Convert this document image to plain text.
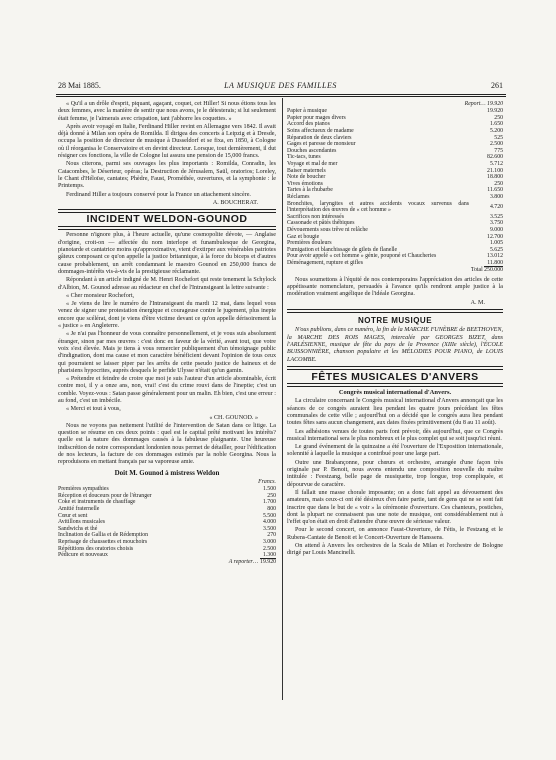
28 Mai 1885.	LA MUSIQUE DES FAMILLES	261

« Qu'il a un drôle d'esprit, piquant, agaçant, coquet, cet Hiller! Si nous étions tous les deux femmes, avec la manière de sentir que nous avons, je le détesterais; si lui seulement était femme, je l'aimerais avec crispation, tant j'abhorre les coquettes. »

Après avoir voyagé en Italie, Ferdinand Hiller revint en Allemagne vers 1842. Il avait déjà donné à Milan son opéra de Romilda. Il dirigea des concerts à Leipzig et à Dresde, occupa la position de directeur de musique à Dusseldorf et se fixa, en 1850, à Cologne où il réorganisa le Conservatoire et en devint directeur. Lorsque, tout dernièrement, il dut résigner ces fonctions, la ville de Cologne lui assura une pension de 15,000 francs.

Nous citerons, parmi ses ouvrages les plus importants : Romilda, Conradin, les Catacombes, le Déserteur, opéras; la Destruction de Jérusalem, Saül, oratorios; Loreley, le Chant d'Héloïse, cantates; Phèdre, Faust, Prométhée, ouvertures, et la symphonie : le Printemps.

Ferdinand Hiller a toujours conservé pour la France un attachement sincère.

A. BOUCHERAT.

INCIDENT WELDON-GOUNOD

Personne n'ignore plus, à l'heure actuelle, qu'une cosmopolite dévote, — Anglaise d'origine, croit-on — affectée du nom interlope et funambulesque de Georgina, pianotarde et cantatrice moins qu'approximative, vient d'extirper aux vénérables patriotes gâteux composant ce qu'on appelle la justice britannique, à la force du biceps et d'autres cause probablement, un arrêt condamnant le maestro Gounod en 250,000 francs de dommages-intérêts vis-à-vis de la prestigieuse réclamante.

Répondant à un article indigné de M. Henri Rochefort qui reste tenement la Schylock d'Albion, M. Gounod adresse au rédacteur en chef de l'Intransigeant la lettre suivante :

« Cher monsieur Rochefort,

« Je viens de lire le numéro de l'Intransigeant du mardi 12 mai, dans lequel vous venez de signer une protestation énergique et courageuse contre le jugement, plus inepte encore que scélérat, dont je viens d'être victime devant ce qu'on appelle dérisoirement la « justice » en Angleterre.

« Je n'ai pas l'honneur de vous connaître personnellement, et je vous suis absolument étranger, sinon par mes œuvres : c'est donc en faveur de la vérité, avant tout, que votre voix s'est élevée. Mais je tiens à vous remercier publiquement d'un témoignage public d'indignation, dont ma cause et mon caractère bénéficient devant l'opinion de tous ceux qui pourraient se laisser piper par les arrêts de cette pseudo justice de haineux et de pharisiens hypocrites, auprès desquels le perfide Ulysse n'était qu'un gamin.

« Prétendre et feindre de croire que moi je suis l'auteur d'un article abominable, écrit contre moi, il y a onze ans, non, vrai! c'est du crime rouvi dans de l'ineptie; c'est un comble. Voyez-vous : Satan passe généralement pour un malin. Eh bien, c'est une erreur : au fond, c'est un imbécile.

« Merci et tout à vous,

« CH. GOUNOD. »

Nous ne voyons pas nettement l'utilité de l'intervention de Satan dans ce litige. La question se résume en ces deux points : quel est le capital prêté motivant les intérêts? quelle est la nature des dommages causés à la fabuleuse plaignante. Une heureuse indiscrétion de notre correspondant londonien nous permet de détailler, pour l'édification de nos lecteurs, la facture de ces dommages estimés par la noble Georgina. Nous la reproduisons en mettant français par sa vaporeuse amie.

Doit M. Gounod à mistress Weldon
Francs.
Premières sympathies	1.500
Réception et douceurs pour de l'étranger	250
Coke et instruments de chauffage	1.700
Amitié fraternelle	800
Cœur et sent	5.500
Avitillons musicales	4.000
Sandwichs et thé	3.500
Inclination de Gallia et de Rédemption	270
Reprisage de chaussettes et mouchoirs	3.000
Répétitions des oratorios choisis	2.500
Pédicure et nouveaux	1.300
A reporter… 19.920
Report… 19.920
Papier à musique	19.920
Papier pour mages divers	250
Accord des pianos	1.650
Soins affectueux de madame	5.200
Réparation de deux claviers	525
Gages et paresse de monsieur	2.500
Douches ascendantes	775
Tic-tacs, tunes	82.600
Voyage et mal de mer	5.712
Baiser maternels	21.100
Note de boucher	18.800
Vives émotions	250
Tartes à la rhubarbe	11.650
Réclames	3.800
Bronchites, laryngites et autres accidents vocaux survenus dans l'interprétation des œuvres de « cet homme »	4.720
Sacrifices non intéressés	3.525
Cassonade et pâtés thébiques	3.750
Dévouements sous trêve ni relâche	9.000
Gaz et bougie	12.700
Premières douleurs	1.005
Fumigation et blanchissage de gilets de flanelle	5.625
Pour avoir appelé « cet homme » génie, pouponé et Chaucheries	13.012
Déménagement, rupture et gifles	11.800
Total 250.000

Nous soumettons à l'équité de nos contemporains l'appréciation des articles de cette appétissante nomenclature, persuadés à l'avance qu'ils rendront ample justice à la modération vraiment angélique de l'idéale Georgina.

A. M.

NOTRE MUSIQUE

N'ous publions, dans ce numéro, la fin de la MARCHE FUNÈBRE de BEETHOVEN, la MARCHE DES ROIS MAGES, intercalée par GEORGES BIZET, dans l'ARLÉSIENNE, musique de fête du pays de la Provence (XIIIe siècle), l'ÉCOLE BUISSONNIÈRE, chanson populaire et les MÉLODIES POUR PIANO, de LOUIS LACOMBE.

FÊTES MUSICALES D'ANVERS
Congrès musical international d'Anvers.

La circulaire concernant le Congrès musical international d'Anvers annonçait que les séances de ce congrès auraient lieu pendant les quatre jours précédant les fêtes communales de cette ville ; aujourd'hui on a décidé que le congrès aura lieu pendant toutes fêtes sans aucun changement, aux dates fixées primitivement (du 8 au 11 août).

Les adhésions venues de toutes parts font prévoir, dès aujourd'hui, que ce Congrès musical international sera le plus nombreux et le plus complet qui se soit jusqu'ici réuni.

Le grand événement de la quinzaine a été l'ouverture de l'Exposition internationale, solennité à laquelle la musique a contribué pour une large part.

Outre une Brabançonne, pour chœurs et orchestre, arrangée d'une façon très originale par P. Benoit, nous avons entendu une composition nouvelle du maître intitulée : Feestzang, belle page de musiquette, trop longue, trop compliquée, et dépourvue de caractère.

Il fallait une masse chorale imposante; on a donc fait appel au dévouement des amateurs, mais ceux-ci ont été désireux d'en faire partie, tant de gens qui ne se sont fait inscrire que dans le but de « voir » la cérémonie d'ouverture. Ces chanteurs, postiches, dont la plupart ne connaissent pas une note de musique, ont considérablement nui à l'effet qu'on était en droit d'attendre d'une œuvre de sérieuse valeur.

Pour le second concert, on annonce Faust-Ouverture, de Fétis, le Festzang et le Rubens-Cantate de Benoit et le Concert-Ouverture de Hanssens.

On attend à Anvers les orchestres de la Scala de Milan et l'orchestre de Bologne dirigé par Louis Mancinelli.
